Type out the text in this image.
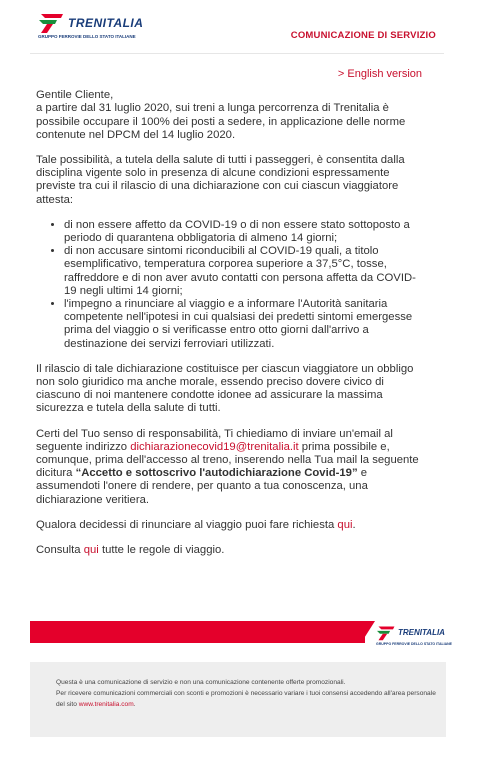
TRENITALIA
GRUPPO FERROVIE DELLO STATO ITALIANE	COMUNICAZIONE DI SERVIZIO
> English version

Gentile Cliente,
a partire dal 31 luglio 2020, sui treni a lunga percorrenza di Trenitalia è possibile occupare il 100% dei posti a sedere, in applicazione delle norme contenute nel DPCM del 14 luglio 2020.

Tale possibilità, a tutela della salute di tutti i passeggeri, è consentita dalla disciplina vigente solo in presenza di alcune condizioni espressamente previste tra cui il rilascio di una dichiarazione con cui ciascun viaggiatore attesta:

• di non essere affetto da COVID-19 o di non essere stato sottoposto a periodo di quarantena obbligatoria di almeno 14 giorni;
• di non accusare sintomi riconducibili al COVID-19 quali, a titolo esemplificativo, temperatura corporea superiore a 37,5°C, tosse, raffreddore e di non aver avuto contatti con persona affetta da COVID-19 negli ultimi 14 giorni;
• l'impegno a rinunciare al viaggio e a informare l'Autorità sanitaria competente nell'ipotesi in cui qualsiasi dei predetti sintomi emergesse prima del viaggio o si verificasse entro otto giorni dall'arrivo a destinazione dei servizi ferroviari utilizzati.

Il rilascio di tale dichiarazione costituisce per ciascun viaggiatore un obbligo non solo giuridico ma anche morale, essendo preciso dovere civico di ciascuno di noi mantenere condotte idonee ad assicurare la massima sicurezza e tutela della salute di tutti.

Certi del Tuo senso di responsabilità, Ti chiediamo di inviare un'email al seguente indirizzo dichiarazionecovid19@trenitalia.it prima possibile e, comunque, prima dell'accesso al treno, inserendo nella Tua mail la seguente dicitura “Accetto e sottoscrivo l'autodichiarazione Covid-19” e assumendoti l'onere di rendere, per quanto a tua conoscenza, una dichiarazione veritiera.

Qualora decidessi di rinunciare al viaggio puoi fare richiesta qui.

Consulta qui tutte le regole di viaggio.

TRENITALIA
GRUPPO FERROVIE DELLO STATO ITALIANE
Questa è una comunicazione di servizio e non una comunicazione contenente offerte promozionali.
Per ricevere comunicazioni commerciali con sconti e promozioni è necessario variare i tuoi consensi accedendo all'area personale del sito www.trenitalia.com.
